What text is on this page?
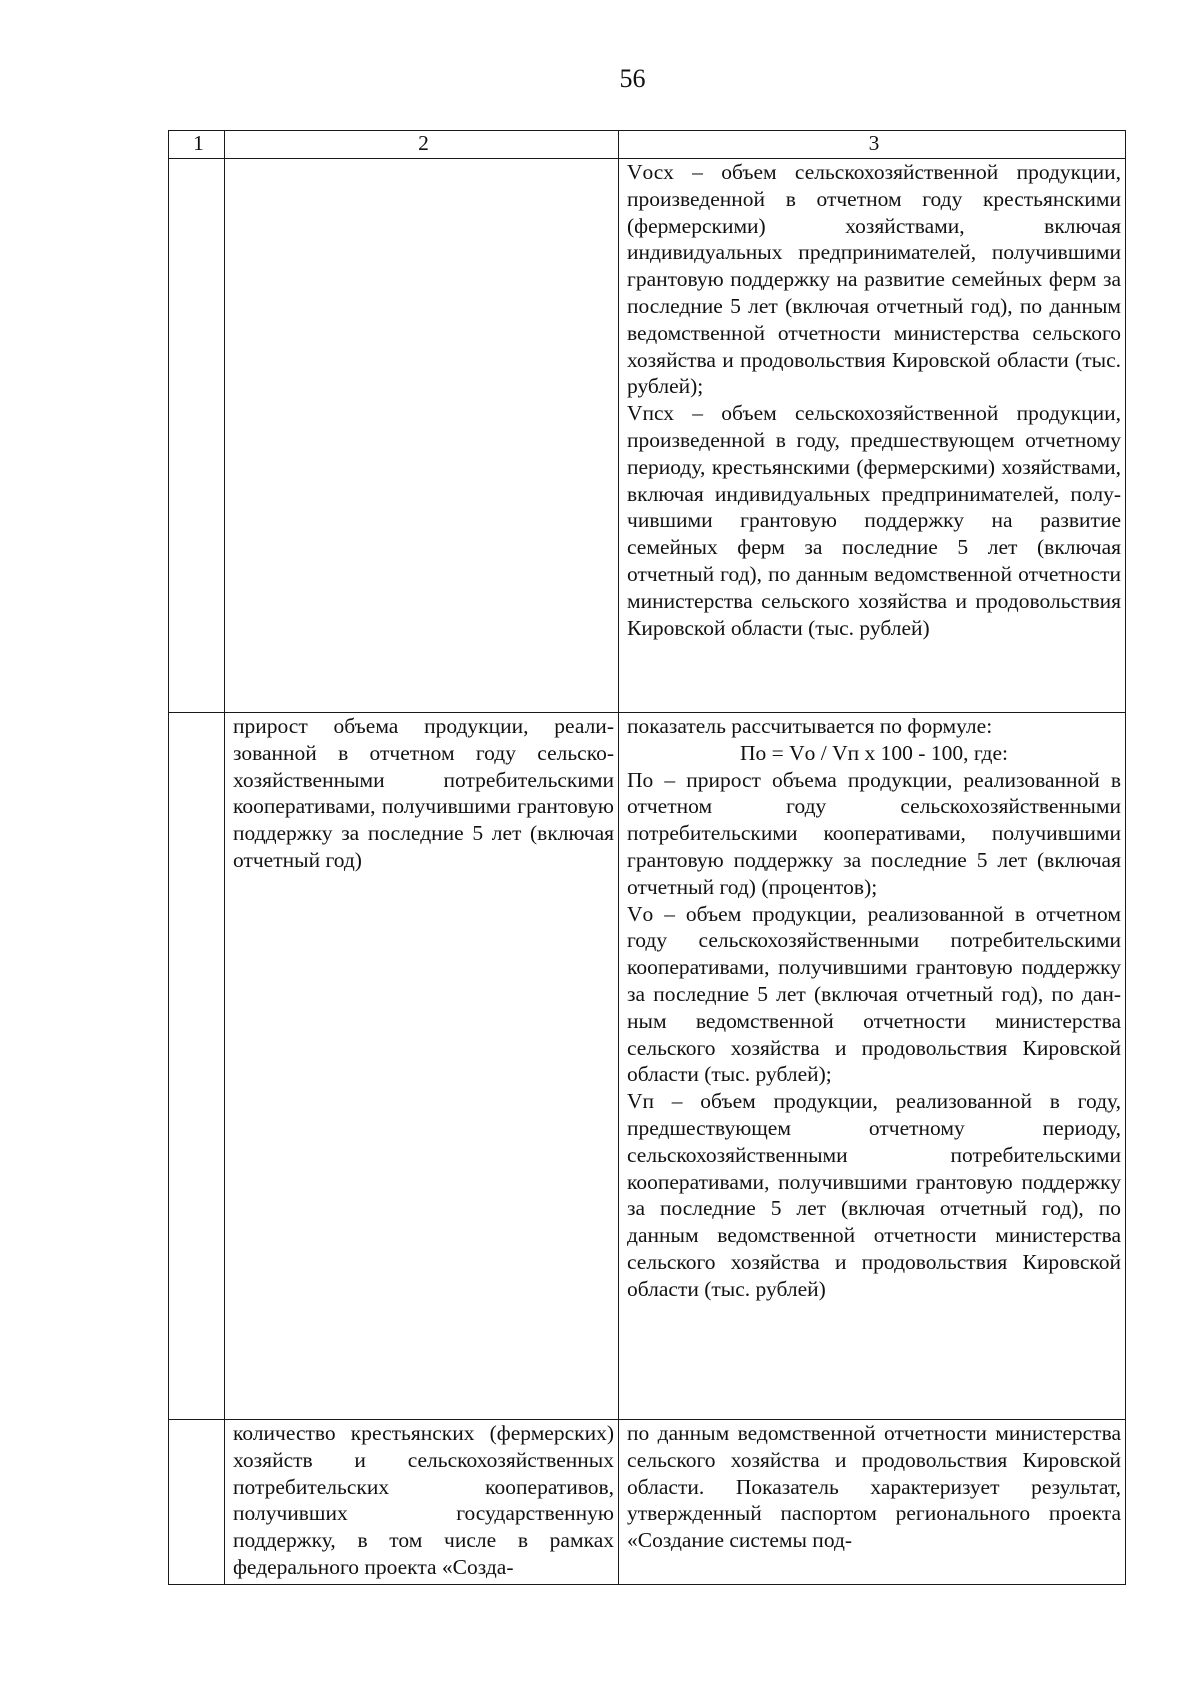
56
1	2	3

		Vосх – объем сельскохозяйственной продукции, произведенной в отчетном году крестьянскими (фермерскими) хозяйствами, включая индивидуальных предпринимателей, получившими грантовую поддержку на развитие семейных ферм за последние 5 лет (включая отчетный год), по данным ведомственной отчетности министерства сельского хозяйства и продовольствия Кировской области (тыс. рублей);

Vпсх – объем сельскохозяйственной продукции, произведенной в году, предшествующем отчетному периоду, крестьянскими (фермерскими) хозяйствами, включая индивидуальных предпринимателей, получившими грантовую поддержку на развитие семейных ферм за последние 5 лет (включая отчетный год), по данным ведомственной отчетности министерства сельского хозяйства и продовольствия Кировской области (тыс. рублей)

	прирост объема продукции, реализованной в отчетном году сельскохозяйственными потребительскими кооперативами, получившими грантовую поддержку за последние 5 лет (включая отчетный год)	показатель рассчитывается по формуле:

По = Vо / Vп х 100 - 100, где:

По – прирост объема продукции, реализованной в отчетном году сельскохозяйственными потребительскими кооперативами, получившими грантовую поддержку за последние 5 лет (включая отчетный год) (процентов);

Vо – объем продукции, реализованной в отчетном году сельскохозяйственными потребительскими кооперативами, получившими грантовую поддержку за последние 5 лет (включая отчетный год), по данным ведомственной отчетности министерства сельского хозяйства и продовольствия Кировской области (тыс. рублей);

Vп – объем продукции, реализованной в году, предшествующем отчетному периоду, сельскохозяйственными потребительскими кооперативами, получившими грантовую поддержку за последние 5 лет (включая отчетный год), по данным ведомственной отчетности министерства сельского хозяйства и продовольствия Кировской области (тыс. рублей)

	количество крестьянских (фермерских) хозяйств и сельскохозяйственных потребительских кооперативов, получивших государственную поддержку, в том числе в рамках федерального проекта «Созда-	по данным ведомственной отчетности министерства сельского хозяйства и продовольствия Кировской области. Показатель характеризует результат, утвержденный паспортом регионального проекта «Создание системы под-
